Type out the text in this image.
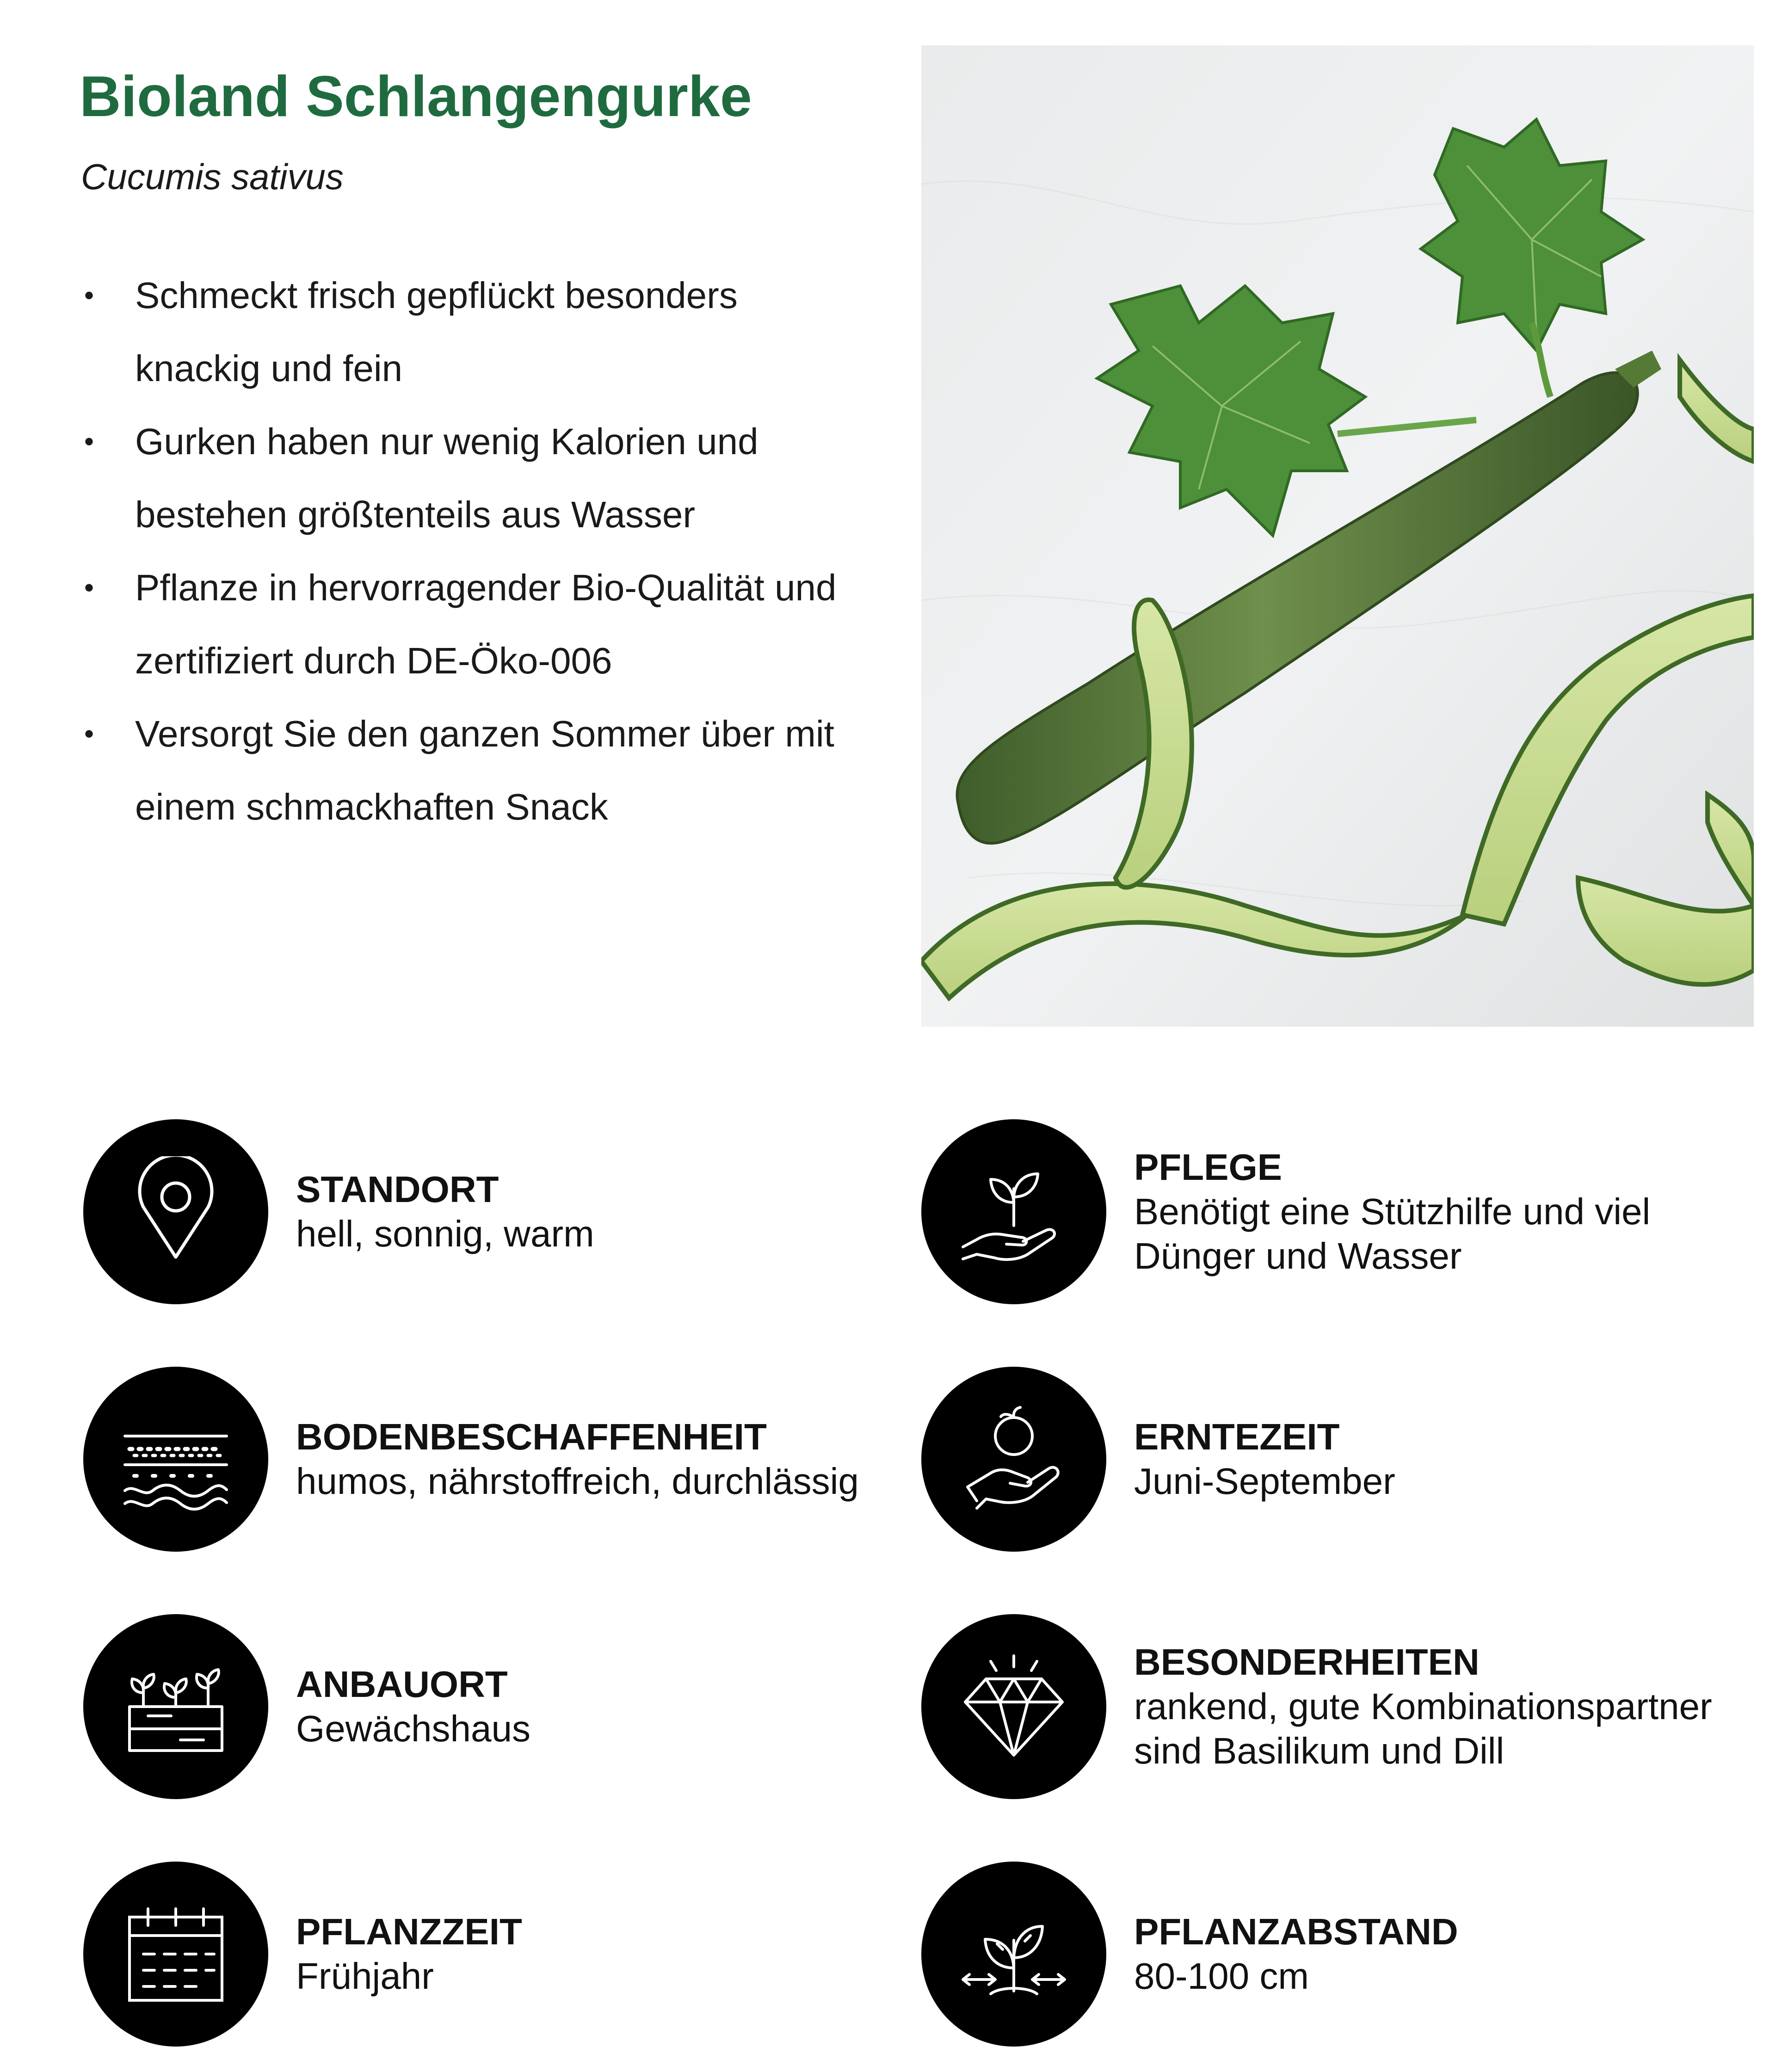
Bioland Schlangengurke
Cucumis sativus
• Schmeckt frisch gepflückt besonders knackig und fein
• Gurken haben nur wenig Kalorien und bestehen größtenteils aus Wasser
• Pflanze in hervorragender Bio-Qualität und zertifiziert durch DE-Öko-006
• Versorgt Sie den ganzen Sommer über mit einem schmackhaften Snack
STANDORT
hell, sonnig, warm
BODENBESCHAFFENHEIT
humos, nährstoffreich, durchlässig
ANBAUORT
Gewächshaus
PFLANZZEIT
Frühjahr
PFLEGE
Benötigt eine Stützhilfe und viel Dünger und Wasser
ERNTEZEIT
Juni-September
BESONDERHEITEN
rankend, gute Kombinationspartner sind Basilikum und Dill
PFLANZABSTAND
80-100 cm
